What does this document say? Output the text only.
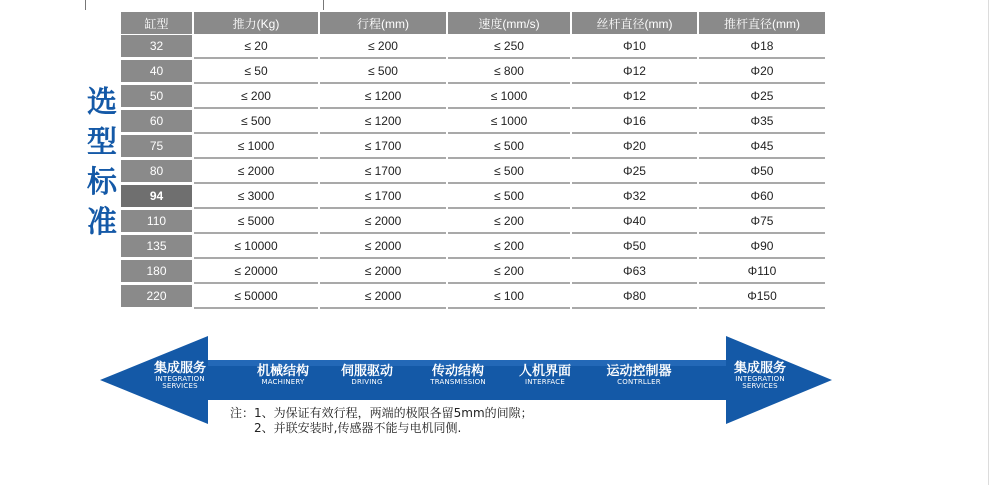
选
型
标
准
缸型	推力(Kg)	行程(mm)	速度(mm/s)	丝杆直径(mm)	推杆直径(mm)
32	≤ 20	≤ 200	≤ 250	Φ10	Φ18
40	≤ 50	≤ 500	≤ 800	Φ12	Φ20
50	≤ 200	≤ 1200	≤ 1000	Φ12	Φ25
60	≤ 500	≤ 1200	≤ 1000	Φ16	Φ35
75	≤ 1000	≤ 1700	≤ 500	Φ20	Φ45
80	≤ 2000	≤ 1700	≤ 500	Φ25	Φ50
94	≤ 3000	≤ 1700	≤ 500	Φ32	Φ60
110	≤ 5000	≤ 2000	≤ 200	Φ40	Φ75
135	≤ 10000	≤ 2000	≤ 200	Φ50	Φ90
180	≤ 20000	≤ 2000	≤ 200	Φ63	Φ110
220	≤ 50000	≤ 2000	≤ 100	Φ80	Φ150
集成服务
INTEGRATION
SERVICES
机械结构
MACHINERY
伺服驱动
DRIVING
传动结构
TRANSMISSION
人机界面
INTERFACE
运动控制器
CONTRLLER
集成服务
INTEGRATION
SERVICES
注：1、为保证有效行程，两端的极限各留5mm的间隙；
2、并联安装时,传感器不能与电机同侧.
